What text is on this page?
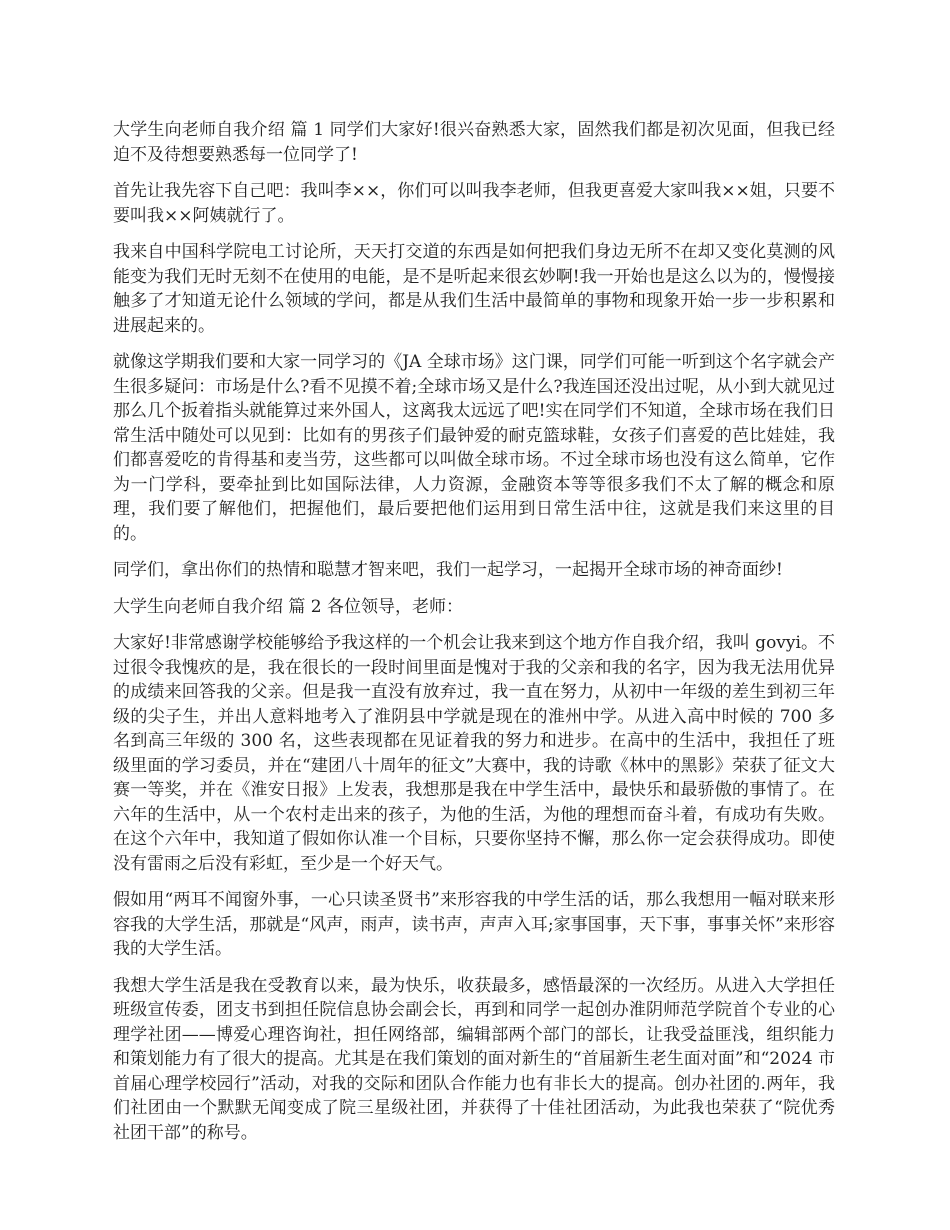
大学生向老师自我介绍 篇 1 同学们大家好!很兴奋熟悉大家，固然我们都是初次见面，但我已经迫不及待想要熟悉每一位同学了!

首先让我先容下自己吧：我叫李××，你们可以叫我李老师，但我更喜爱大家叫我××姐，只要不要叫我××阿姨就行了。

我来自中国科学院电工讨论所，天天打交道的东西是如何把我们身边无所不在却又变化莫测的风能变为我们无时无刻不在使用的电能，是不是听起来很玄妙啊!我一开始也是这么以为的，慢慢接触多了才知道无论什么领域的学问，都是从我们生活中最简单的事物和现象开始一步一步积累和进展起来的。

就像这学期我们要和大家一同学习的《JA 全球市场》这门课，同学们可能一听到这个名字就会产生很多疑问：市场是什么?看不见摸不着;全球市场又是什么?我连国还没出过呢，从小到大就见过那么几个扳着指头就能算过来外国人，这离我太远远了吧!实在同学们不知道，全球市场在我们日常生活中随处可以见到：比如有的男孩子们最钟爱的耐克篮球鞋，女孩子们喜爱的芭比娃娃，我们都喜爱吃的肯得基和麦当劳，这些都可以叫做全球市场。不过全球市场也没有这么简单，它作为一门学科，要牵扯到比如国际法律，人力资源，金融资本等等很多我们不太了解的概念和原理，我们要了解他们，把握他们，最后要把他们运用到日常生活中往，这就是我们来这里的目的。

同学们，拿出你们的热情和聪慧才智来吧，我们一起学习，一起揭开全球市场的神奇面纱!

大学生向老师自我介绍 篇 2 各位领导，老师：

大家好!非常感谢学校能够给予我这样的一个机会让我来到这个地方作自我介绍，我叫 govyi。不过很令我愧疚的是，我在很长的一段时间里面是愧对于我的父亲和我的名字，因为我无法用优异的成绩来回答我的父亲。但是我一直没有放弃过，我一直在努力，从初中一年级的差生到初三年级的尖子生，并出人意料地考入了淮阴县中学就是现在的淮州中学。从进入高中时候的 700 多名到高三年级的 300 名，这些表现都在见证着我的努力和进步。在高中的生活中，我担任了班级里面的学习委员，并在“建团八十周年的征文”大赛中，我的诗歌《林中的黑影》荣获了征文大赛一等奖，并在《淮安日报》上发表，我想那是我在中学生活中，最快乐和最骄傲的事情了。在六年的生活中，从一个农村走出来的孩子，为他的生活，为他的理想而奋斗着，有成功有失败。在这个六年中，我知道了假如你认准一个目标，只要你坚持不懈，那么你一定会获得成功。即使没有雷雨之后没有彩虹，至少是一个好天气。

假如用“两耳不闻窗外事，一心只读圣贤书”来形容我的中学生活的话，那么我想用一幅对联来形容我的大学生活，那就是“风声，雨声，读书声，声声入耳;家事国事，天下事，事事关怀”来形容我的大学生活。

我想大学生活是我在受教育以来，最为快乐，收获最多，感悟最深的一次经历。从进入大学担任班级宣传委，团支书到担任院信息协会副会长，再到和同学一起创办淮阴师范学院首个专业的心理学社团——博爱心理咨询社，担任网络部，编辑部两个部门的部长，让我受益匪浅，组织能力和策划能力有了很大的提高。尤其是在我们策划的面对新生的“首届新生老生面对面”和“2024 市首届心理学校园行”活动，对我的交际和团队合作能力也有非长大的提高。创办社团的.两年，我们社团由一个默默无闻变成了院三星级社团，并获得了十佳社团活动，为此我也荣获了“院优秀社团干部”的称号。
